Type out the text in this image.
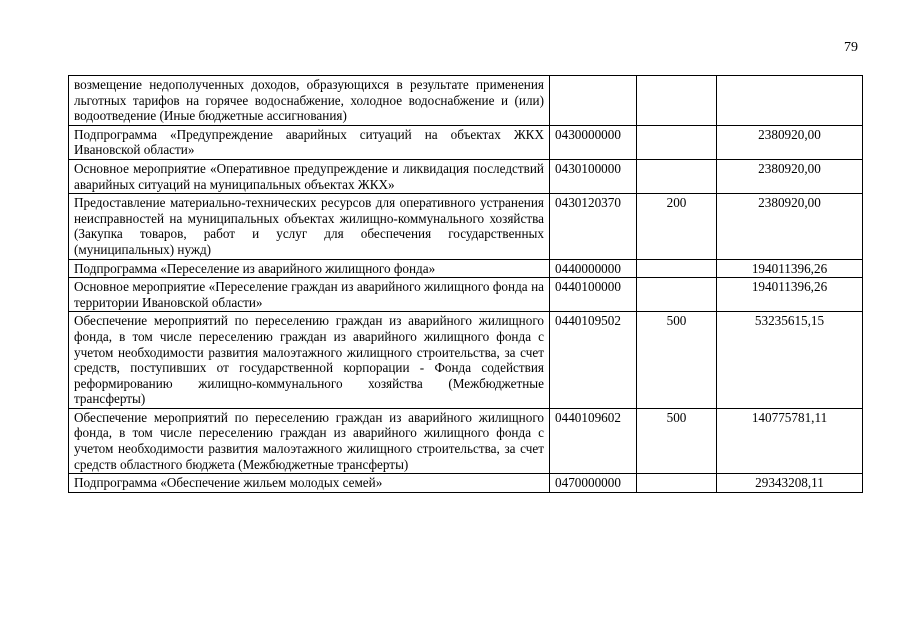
79
возмещение недополученных доходов, образующихся в результате применения льготных тарифов на горячее водоснабжение, холодное водоснабжение и (или) водоотведение (Иные бюджетные ассигнования)			
Подпрограмма «Предупреждение аварийных ситуаций на объектах ЖКХ Ивановской области»	0430000000		2380920,00
Основное мероприятие «Оперативное предупреждение и ликвидация последствий аварийных ситуаций на муниципальных объектах ЖКХ»	0430100000		2380920,00
Предоставление материально-технических ресурсов для оперативного устранения неисправностей на муниципальных объектах жилищно-коммунального хозяйства (Закупка товаров, работ и услуг для обеспечения государственных (муниципальных) нужд)	0430120370	200	2380920,00
Подпрограмма «Переселение из аварийного жилищного фонда»	0440000000		194011396,26
Основное мероприятие «Переселение граждан из аварийного жилищного фонда на территории Ивановской области»	0440100000		194011396,26
Обеспечение мероприятий по переселению граждан из аварийного жилищного фонда, в том числе переселению граждан из аварийного жилищного фонда с учетом необходимости развития малоэтажного жилищного строительства, за счет средств, поступивших от государственной корпорации - Фонда содействия реформированию жилищно-коммунального хозяйства (Межбюджетные трансферты)	0440109502	500	53235615,15
Обеспечение мероприятий по переселению граждан из аварийного жилищного фонда, в том числе переселению граждан из аварийного жилищного фонда с учетом необходимости развития малоэтажного жилищного строительства, за счет средств областного бюджета (Межбюджетные трансферты)	0440109602	500	140775781,11
Подпрограмма «Обеспечение жильем молодых семей»	0470000000		29343208,11
